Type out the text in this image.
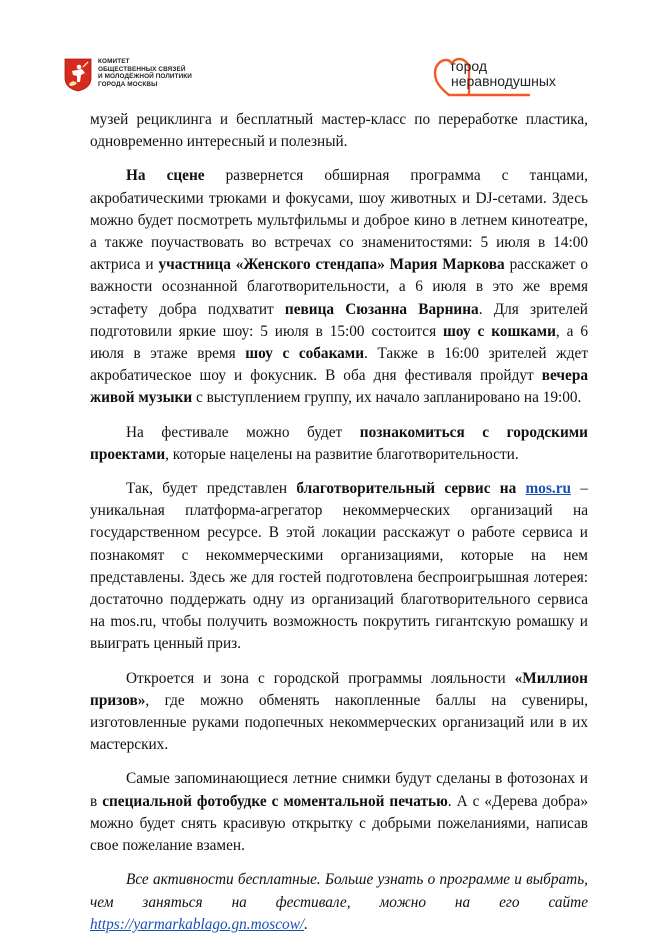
КОМИТЕТ
ОБЩЕСТВЕННЫХ СВЯЗЕЙ
И МОЛОДЁЖНОЙ ПОЛИТИКИ
ГОРОДА МОСКВЫ
город
неравнодушных

музей рециклинга и бесплатный мастер-класс по переработке пластика, одновременно интересный и полезный.

На сцене развернется обширная программа с танцами, акробатическими трюками и фокусами, шоу животных и DJ-сетами. Здесь можно будет посмотреть мультфильмы и доброе кино в летнем кинотеатре, а также поучаствовать во встречах со знаменитостями: 5 июля в 14:00 актриса и участница «Женского стендапа» Мария Маркова расскажет о важности осознанной благотворительности, а 6 июля в это же время эстафету добра подхватит певица Сюзанна Варнина. Для зрителей подготовили яркие шоу: 5 июля в 15:00 состоится шоу с кошками, а 6 июля в этаже время шоу с собаками. Также в 16:00 зрителей ждет акробатическое шоу и фокусник. В оба дня фестиваля пройдут вечера живой музыки с выступлением группу, их начало запланировано на 19:00.

На фестивале можно будет познакомиться с городскими проектами, которые нацелены на развитие благотворительности.

Так, будет представлен благотворительный сервис на mos.ru – уникальная платформа-агрегатор некоммерческих организаций на государственном ресурсе. В этой локации расскажут о работе сервиса и познакомят с некоммерческими организациями, которые на нем представлены. Здесь же для гостей подготовлена беспроигрышная лотерея: достаточно поддержать одну из организаций благотворительного сервиса на mos.ru, чтобы получить возможность покрутить гигантскую ромашку и выиграть ценный приз.

Откроется и зона с городской программы лояльности «Миллион призов», где можно обменять накопленные баллы на сувениры, изготовленные руками подопечных некоммерческих организаций или в их мастерских.

Самые запоминающиеся летние снимки будут сделаны в фотозонах и в специальной фотобудке с моментальной печатью. А с «Дерева добра» можно будет снять красивую открытку с добрыми пожеланиями, написав свое пожелание взамен.

Все активности бесплатные. Больше узнать о программе и выбрать, чем заняться на фестивале, можно на его сайте https://yarmarkablago.gn.moscow/.
